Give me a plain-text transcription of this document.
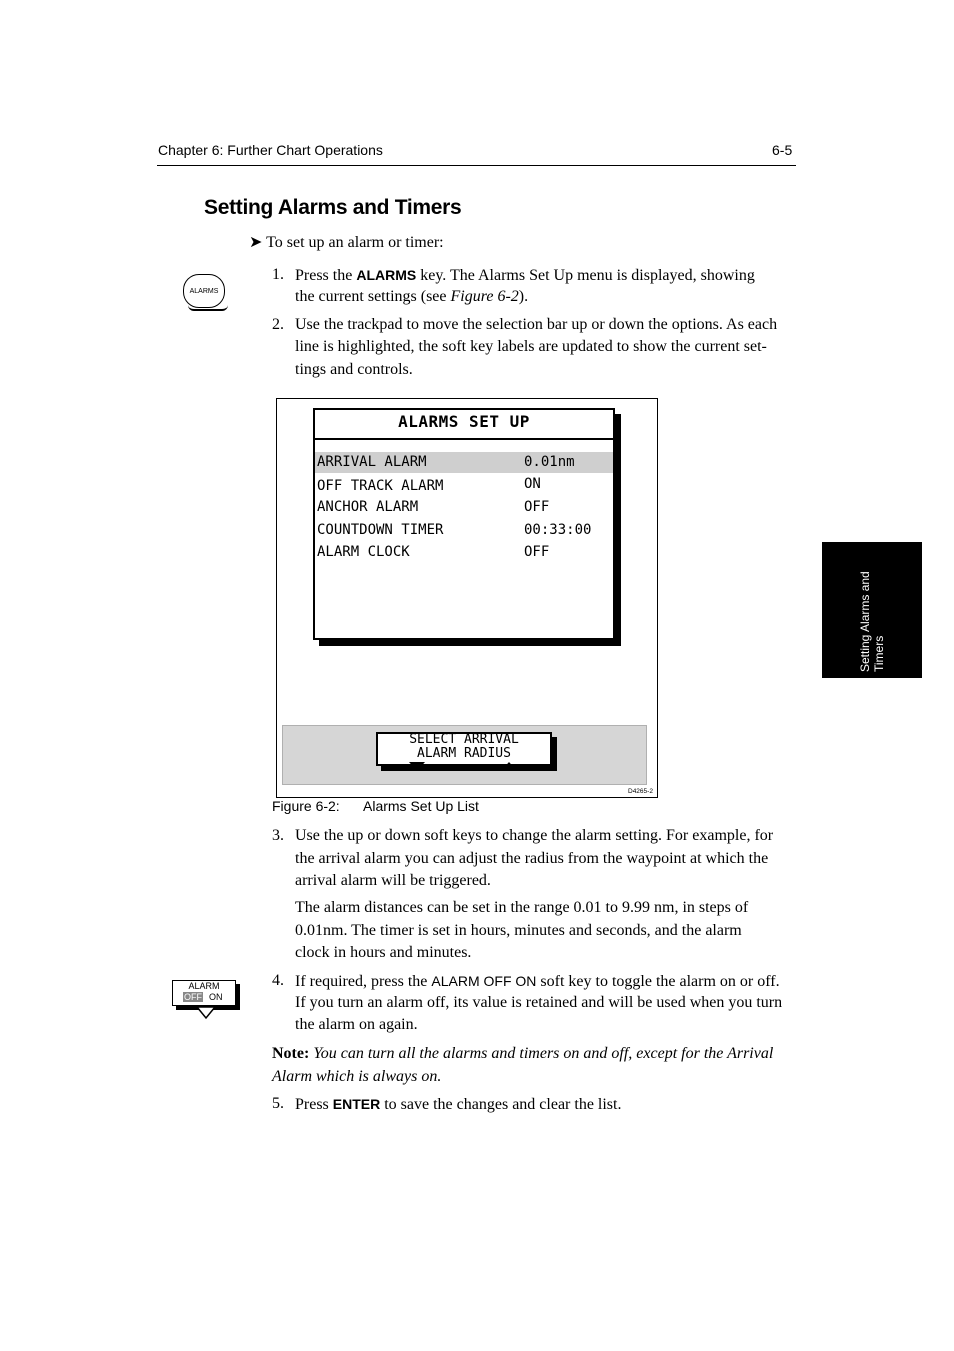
Chapter 6: Further Chart Operations	6-5
Setting Alarms and Timers
➤ To set up an alarm or timer:
ALARMS
1. Press the ALARMS key. The Alarms Set Up menu is displayed, showing
the current settings (see Figure 6-2).
2. Use the trackpad to move the selection bar up or down the options. As each
line is highlighted, the soft key labels are updated to show the current set-
tings and controls.
ALARMS SET UP
ARRIVAL ALARM	0.01nm
OFF TRACK ALARM	ON
ANCHOR ALARM	OFF
COUNTDOWN TIMER	00:33:00
ALARM CLOCK	OFF
SELECT ARRIVAL
ALARM RADIUS
D4265-2
Figure 6-2: Alarms Set Up List
3. Use the up or down soft keys to change the alarm setting. For example, for
the arrival alarm you can adjust the radius from the waypoint at which the
arrival alarm will be triggered.
The alarm distances can be set in the range 0.01 to 9.99 nm, in steps of
0.01nm. The timer is set in hours, minutes and seconds, and the alarm
clock in hours and minutes.
ALARM
OFF ON
4. If required, press the ALARM OFF ON soft key to toggle the alarm on or off.
If you turn an alarm off, its value is retained and will be used when you turn
the alarm on again.
Note: You can turn all the alarms and timers on and off, except for the Arrival
Alarm which is always on.
5. Press ENTER to save the changes and clear the list.
Setting Alarms and Timers
